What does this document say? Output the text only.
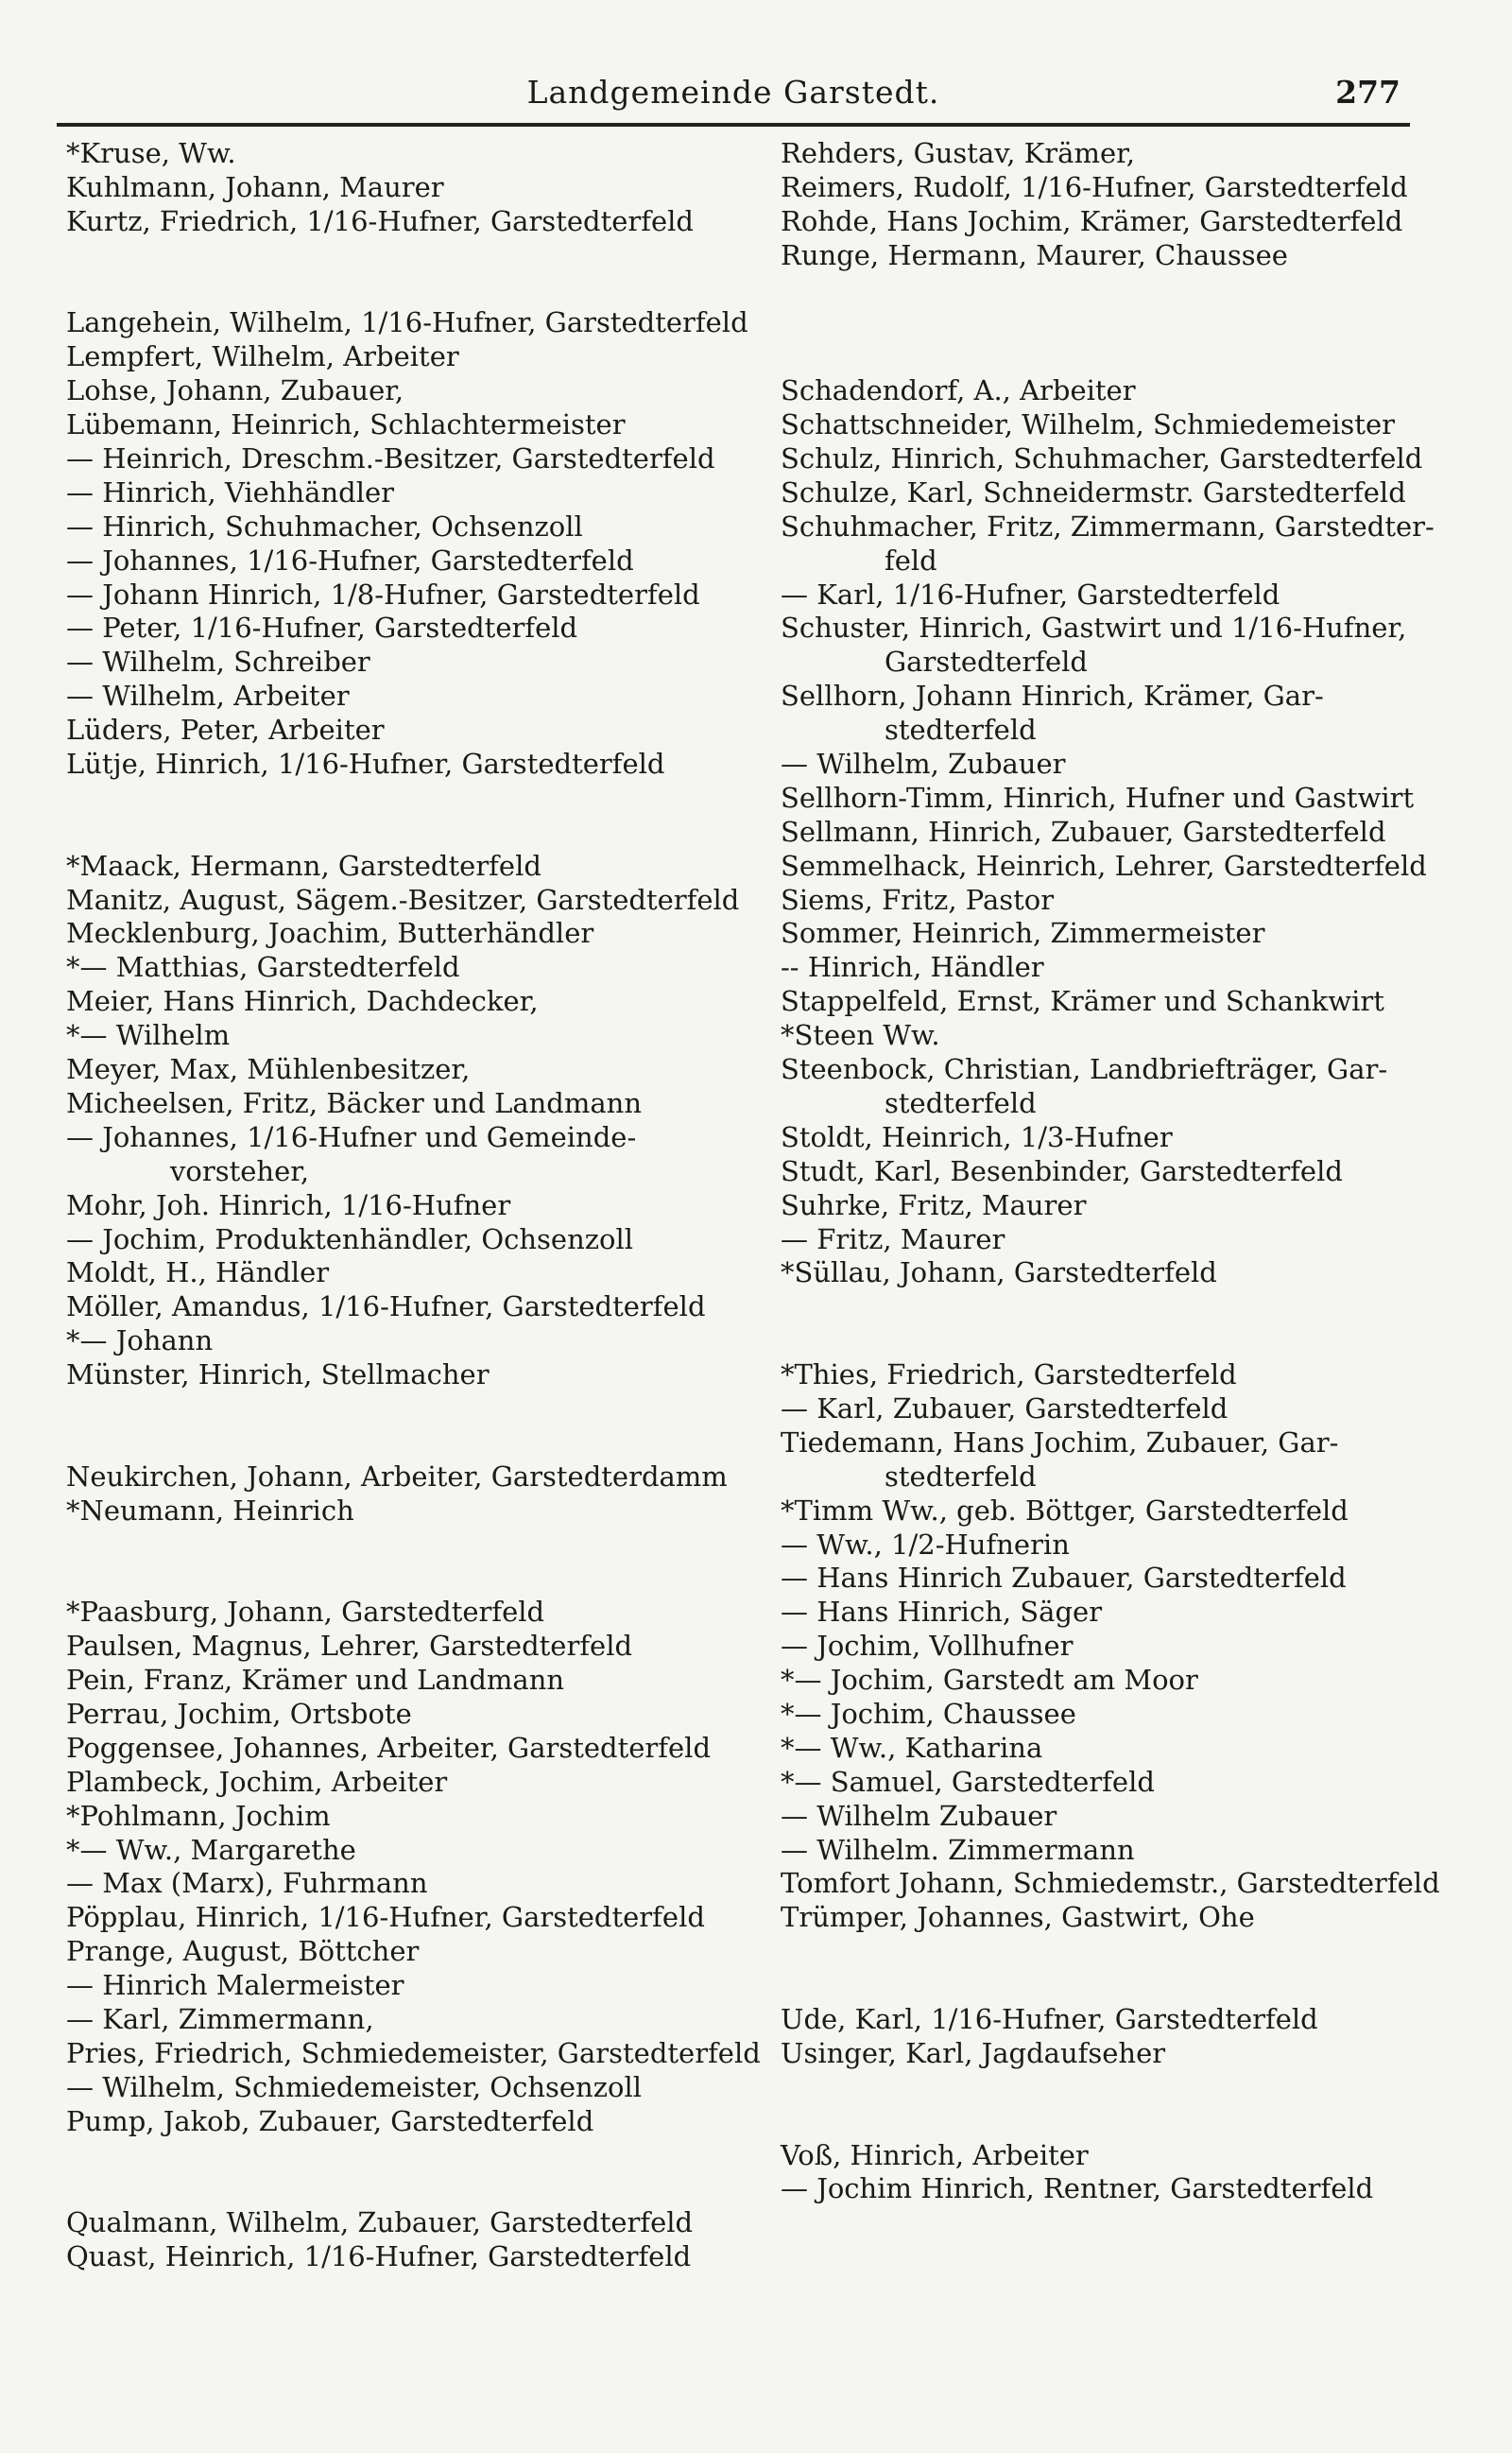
Landgemeinde Garstedt.	277
*Kruse, Ww.
Kuhlmann, Johann, Maurer
Kurtz, Friedrich, 1/16-Hufner, Garstedterfeld
Langehein, Wilhelm, 1/16-Hufner, Garstedterfeld
Lempfert, Wilhelm, Arbeiter
Lohse, Johann, Zubauer,
Lübemann, Heinrich, Schlachtermeister
— Heinrich, Dreschm.-Besitzer, Garstedterfeld
— Hinrich, Viehhändler
— Hinrich, Schuhmacher, Ochsenzoll
— Johannes, 1/16-Hufner, Garstedterfeld
— Johann Hinrich, 1/8-Hufner, Garstedterfeld
— Peter, 1/16-Hufner, Garstedterfeld
— Wilhelm, Schreiber
— Wilhelm, Arbeiter
Lüders, Peter, Arbeiter
Lütje, Hinrich, 1/16-Hufner, Garstedterfeld
*Maack, Hermann, Garstedterfeld
Manitz, August, Sägem.-Besitzer, Garstedterfeld
Mecklenburg, Joachim, Butterhändler
*— Matthias, Garstedterfeld
Meier, Hans Hinrich, Dachdecker,
*— Wilhelm
Meyer, Max, Mühlenbesitzer,
Micheelsen, Fritz, Bäcker und Landmann
— Johannes, 1/16-Hufner und Gemeinde-
vorsteher,
Mohr, Joh. Hinrich, 1/16-Hufner
— Jochim, Produktenhändler, Ochsenzoll
Moldt, H., Händler
Möller, Amandus, 1/16-Hufner, Garstedterfeld
*— Johann
Münster, Hinrich, Stellmacher
Neukirchen, Johann, Arbeiter, Garstedterdamm
*Neumann, Heinrich
*Paasburg, Johann, Garstedterfeld
Paulsen, Magnus, Lehrer, Garstedterfeld
Pein, Franz, Krämer und Landmann
Perrau, Jochim, Ortsbote
Poggensee, Johannes, Arbeiter, Garstedterfeld
Plambeck, Jochim, Arbeiter
*Pohlmann, Jochim
*— Ww., Margarethe
— Max (Marx), Fuhrmann
Pöpplau, Hinrich, 1/16-Hufner, Garstedterfeld
Prange, August, Böttcher
— Hinrich Malermeister
— Karl, Zimmermann,
Pries, Friedrich, Schmiedemeister, Garstedterfeld
— Wilhelm, Schmiedemeister, Ochsenzoll
Pump, Jakob, Zubauer, Garstedterfeld
Qualmann, Wilhelm, Zubauer, Garstedterfeld
Quast, Heinrich, 1/16-Hufner, Garstedterfeld
Rehders, Gustav, Krämer,
Reimers, Rudolf, 1/16-Hufner, Garstedterfeld
Rohde, Hans Jochim, Krämer, Garstedterfeld
Runge, Hermann, Maurer, Chaussee
Schadendorf, A., Arbeiter
Schattschneider, Wilhelm, Schmiedemeister
Schulz, Hinrich, Schuhmacher, Garstedterfeld
Schulze, Karl, Schneidermstr. Garstedterfeld
Schuhmacher, Fritz, Zimmermann, Garstedter-
feld
— Karl, 1/16-Hufner, Garstedterfeld
Schuster, Hinrich, Gastwirt und 1/16-Hufner,
Garstedterfeld
Sellhorn, Johann Hinrich, Krämer, Gar-
stedterfeld
— Wilhelm, Zubauer
Sellhorn-Timm, Hinrich, Hufner und Gastwirt
Sellmann, Hinrich, Zubauer, Garstedterfeld
Semmelhack, Heinrich, Lehrer, Garstedterfeld
Siems, Fritz, Pastor
Sommer, Heinrich, Zimmermeister
-- Hinrich, Händler
Stappelfeld, Ernst, Krämer und Schankwirt
*Steen Ww.
Steenbock, Christian, Landbriefträger, Gar-
stedterfeld
Stoldt, Heinrich, 1/3-Hufner
Studt, Karl, Besenbinder, Garstedterfeld
Suhrke, Fritz, Maurer
— Fritz, Maurer
*Süllau, Johann, Garstedterfeld
*Thies, Friedrich, Garstedterfeld
— Karl, Zubauer, Garstedterfeld
Tiedemann, Hans Jochim, Zubauer, Gar-
stedterfeld
*Timm Ww., geb. Böttger, Garstedterfeld
— Ww., 1/2-Hufnerin
— Hans Hinrich Zubauer, Garstedterfeld
— Hans Hinrich, Säger
— Jochim, Vollhufner
*— Jochim, Garstedt am Moor
*— Jochim, Chaussee
*— Ww., Katharina
*— Samuel, Garstedterfeld
— Wilhelm Zubauer
— Wilhelm. Zimmermann
Tomfort Johann, Schmiedemstr., Garstedterfeld
Trümper, Johannes, Gastwirt, Ohe
Ude, Karl, 1/16-Hufner, Garstedterfeld
Usinger, Karl, Jagdaufseher
Voß, Hinrich, Arbeiter
— Jochim Hinrich, Rentner, Garstedterfeld
